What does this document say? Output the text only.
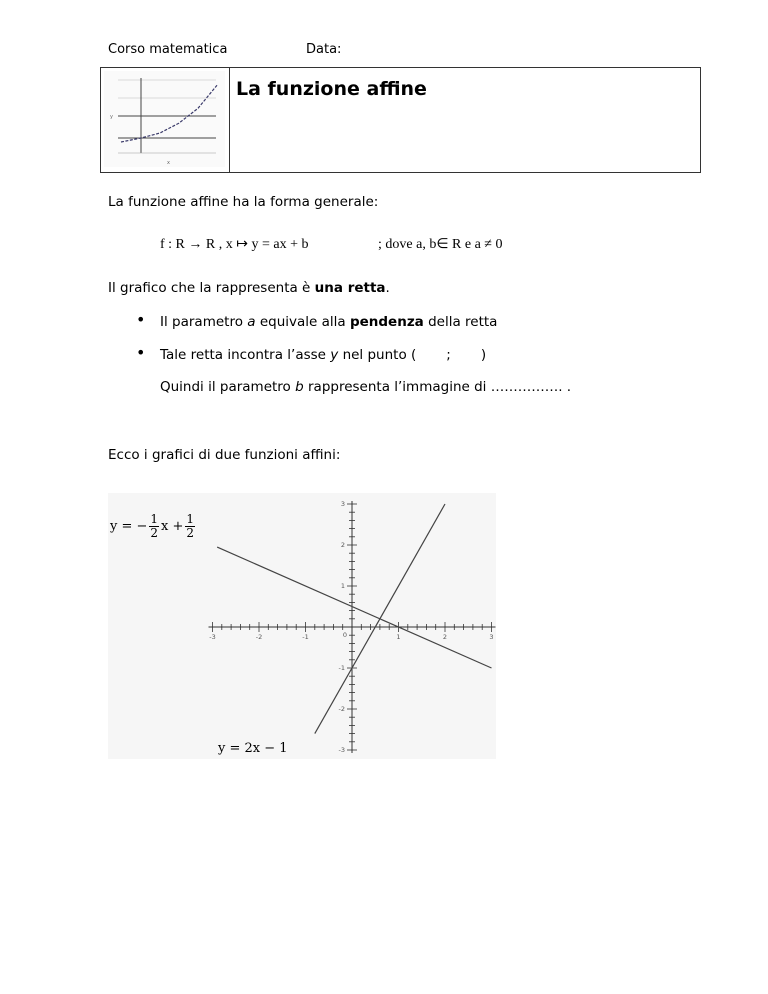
Corso matematica	Data:
y
x
La funzione affine
La funzione affine ha la forma generale:
f : R → R , x ↦ y = ax + b	; dove a, b∈ R e a ≠ 0
Il grafico che la rappresenta è una retta.
• Il parametro a equivale alla pendenza della retta
• Tale retta incontra l’asse y nel punto (       ;       )
Quindi il parametro b rappresenta l’immagine di ……………. .
Ecco i grafici di due funzioni affini:
-3	-2	-1	1	2	3
3
2
1
-1
-2
-3
0
y = − $\frac{1}{2}$ $x + \frac{1}{2}$
y = 2x − 1
